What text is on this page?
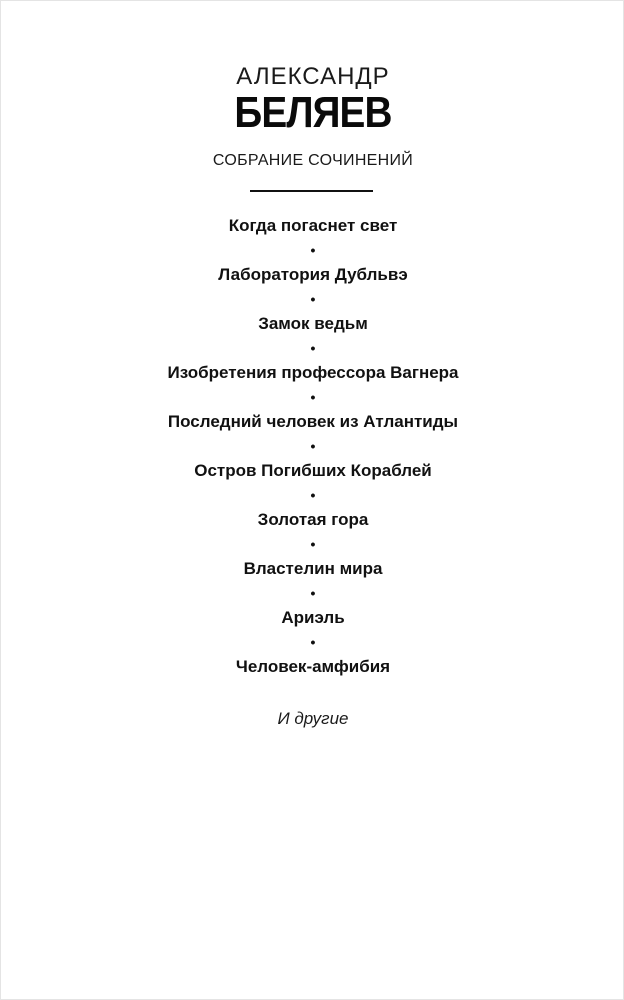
АЛЕКСАНДР
БЕЛЯЕВ
СОБРАНИЕ СОЧИНЕНИЙ
Когда погаснет свет
•
Лаборатория Дубльвэ
•
Замок ведьм
•
Изобретения профессора Вагнера
•
Последний человек из Атлантиды
•
Остров Погибших Кораблей
•
Золотая гора
•
Властелин мира
•
Ариэль
•
Человек-амфибия
И другие
